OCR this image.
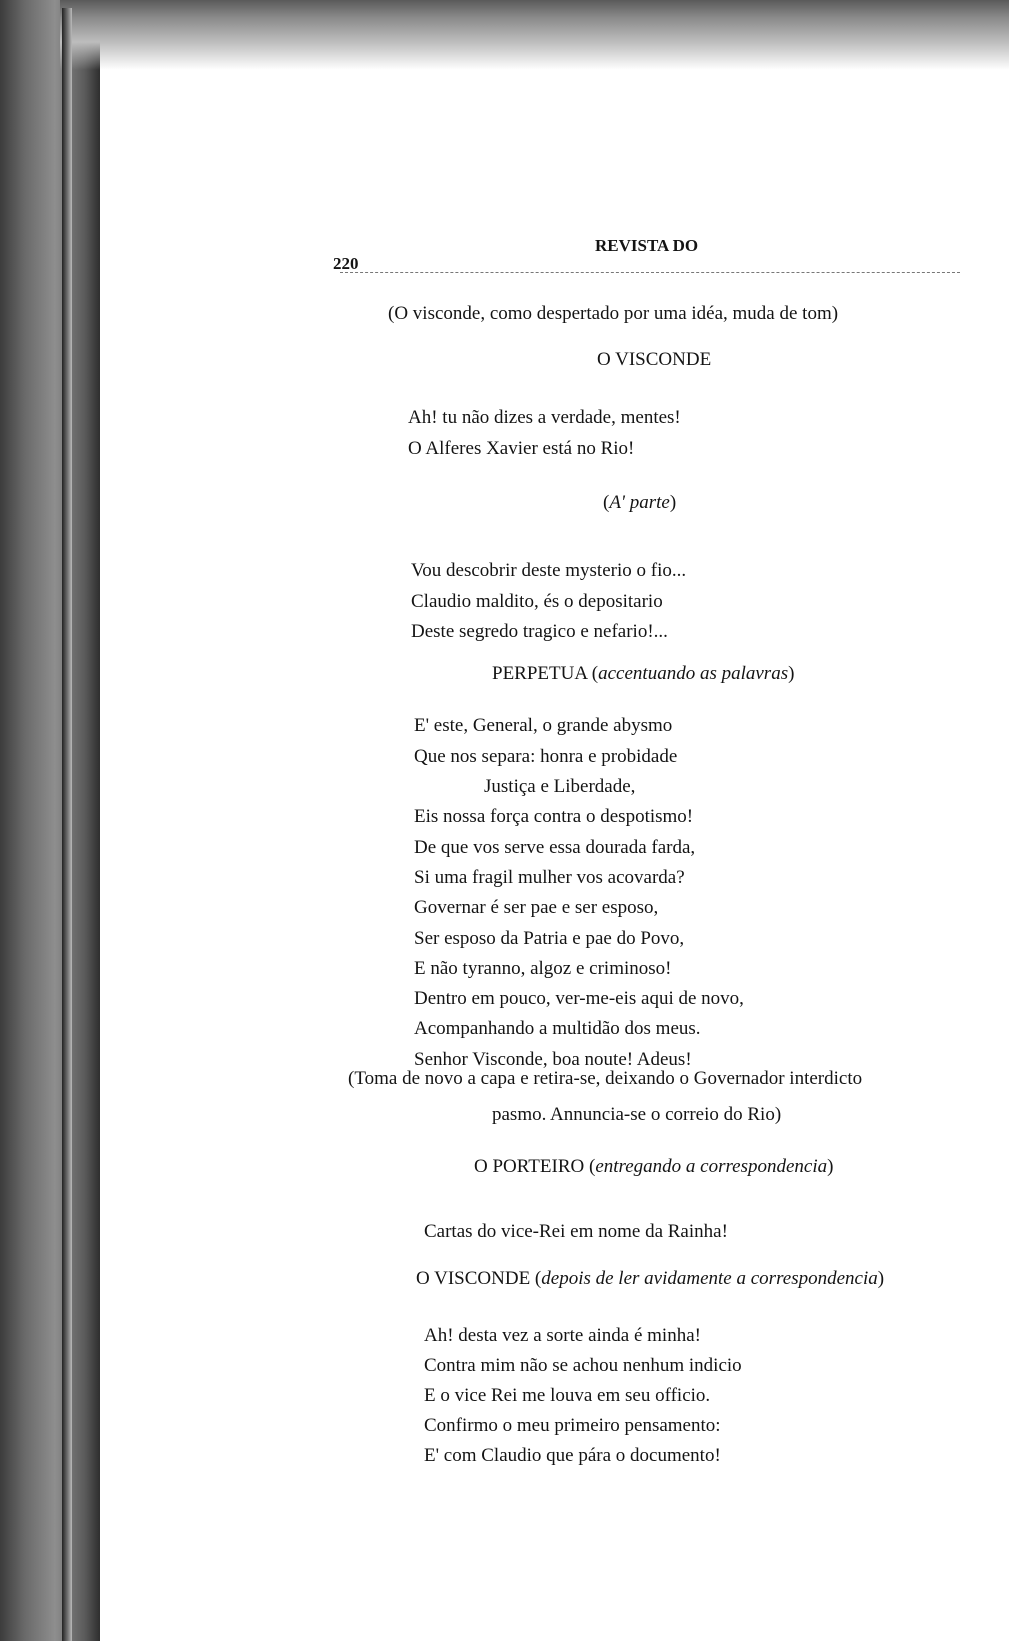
220
REVISTA DO
(O visconde, como despertado por uma idéa, muda de tom)
O VISCONDE
Ah! tu não dizes a verdade, mentes!
O Alferes Xavier está no Rio!
(A' parte)
Vou descobrir deste mysterio o fio...
Claudio maldito, és o depositario
Deste segredo tragico e nefario!...
PERPETUA (accentuando as palavras)
E' este, General, o grande abysmo
Que nos separa: honra e probidade
Justiça e Liberdade,
Eis nossa força contra o despotismo!
De que vos serve essa dourada farda,
Si uma fragil mulher vos acovarda?
Governar é ser pae e ser esposo,
Ser esposo da Patria e pae do Povo,
E não tyranno, algoz e criminoso!
Dentro em pouco, ver-me-eis aqui de novo,
Acompanhando a multidão dos meus.
Senhor Visconde, boa noute! Adeus!
(Toma de novo a capa e retira-se, deixando o Governador interdicto
pasmo. Annuncia-se o correio do Rio)
O PORTEIRO (entregando a correspondencia)
Cartas do vice-Rei em nome da Rainha!
O VISCONDE (depois de ler avidamente a correspondencia)
Ah! desta vez a sorte ainda é minha!
Contra mim não se achou nenhum indicio
E o vice Rei me louva em seu officio.
Confirmo o meu primeiro pensamento:
E' com Claudio que pára o documento!
